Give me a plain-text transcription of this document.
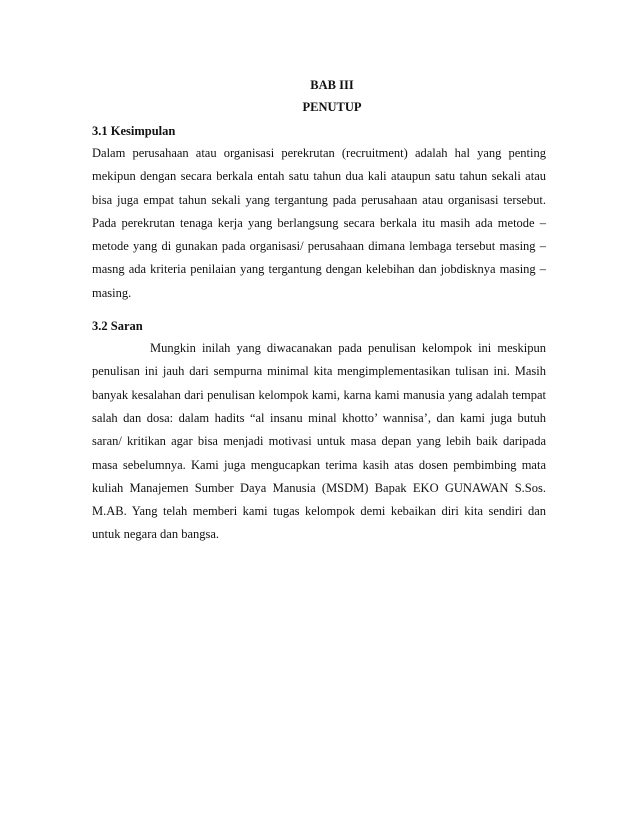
BAB III
PENUTUP
3.1 Kesimpulan

Dalam perusahaan atau organisasi perekrutan (recruitment) adalah hal yang penting mekipun dengan secara berkala entah satu tahun dua kali ataupun satu tahun sekali atau bisa juga empat tahun sekali yang tergantung pada perusahaan atau organisasi tersebut. Pada perekrutan tenaga kerja yang berlangsung secara berkala itu masih ada metode – metode yang di gunakan pada organisasi/ perusahaan dimana lembaga tersebut masing – masng ada kriteria penilaian yang tergantung dengan kelebihan dan jobdisknya masing – masing.

3.2 Saran

Mungkin inilah yang diwacanakan pada penulisan kelompok ini meskipun penulisan ini jauh dari sempurna minimal kita mengimplementasikan tulisan ini. Masih banyak kesalahan dari penulisan kelompok kami, karna kami manusia yang adalah tempat salah dan dosa: dalam hadits “al insanu minal khotto’ wannisa’, dan kami juga butuh saran/ kritikan agar bisa menjadi motivasi untuk masa depan yang lebih baik daripada masa sebelumnya. Kami juga mengucapkan terima kasih atas dosen pembimbing mata kuliah Manajemen Sumber Daya Manusia (MSDM) Bapak EKO GUNAWAN S.Sos. M.AB. Yang telah memberi kami tugas kelompok demi kebaikan diri kita sendiri dan untuk negara dan bangsa.
